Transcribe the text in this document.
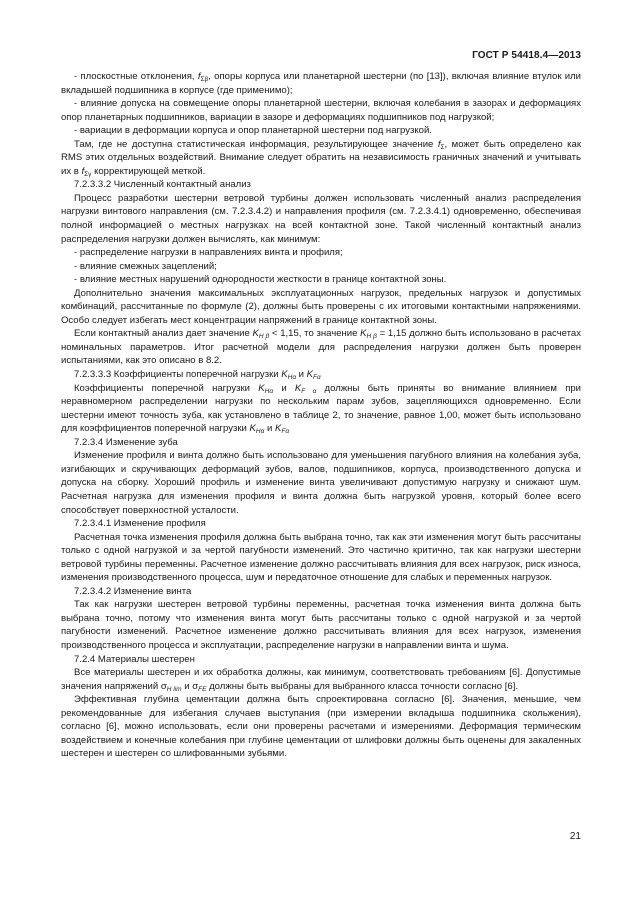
ГОСТ Р 54418.4—2013

- плоскостные отклонения, $f_{\Sigma\beta}$, опоры корпуса или планетарной шестерни (по [13]), включая влияние втулок или вкладышей подшипника в корпусе (где применимо);

- влияние допуска на совмещение опоры планетарной шестерни, включая колебания в зазорах и деформациях опор планетарных подшипников, вариации в зазоре и деформациях подшипников под нагрузкой;

- вариации в деформации корпуса и опор планетарной шестерни под нагрузкой.

Там, где не доступна статистическая информация, результирующее значение $f_\Sigma$, может быть определено как RMS этих отдельных воздействий. Внимание следует обратить на независимость граничных значений и учитывать их в $f_{\Sigma\gamma}$ корректирующей меткой.

7.2.3.3.2 Численный контактный анализ

Процесс разработки шестерни ветровой турбины должен использовать численный анализ распределения нагрузки винтового направления (см. 7.2.3.4.2) и направления профиля (см. 7.2.3.4.1) одновременно, обеспечивая полной информацией о местных нагрузках на всей контактной зоне. Такой численный контактный анализ распределения нагрузки должен вычислять, как минимум:

- распределение нагрузки в направлениях винта и профиля;

- влияние смежных зацеплений;

- влияние местных нарушений однородности жесткости в границе контактной зоны.

Дополнительно значения максимальных эксплуатационных нагрузок, предельных нагрузок и допустимых комбинаций, рассчитанные по формуле (2), должны быть проверены с их итоговыми контактными напряжениями. Особо следует избегать мест концентрации напряжений в границе контактной зоны.

Если контактный анализ дает значение $K_{H \beta} < 1,15$, то значение $K_{H \beta} = 1,15$ должно быть использовано в расчетах номинальных параметров. Итог расчетной модели для распределения нагрузки должен быть проверен испытаниями, как это описано в 8.2.

7.2.3.3.3 Коэффициенты поперечной нагрузки $K_{H\alpha}$ и $K_{F\alpha}$

Коэффициенты поперечной нагрузки $K_{H\alpha}$ и $K_{F \alpha}$ должны быть приняты во внимание влиянием при неравномерном распределении нагрузки по нескольким парам зубов, зацепляющихся одновременно. Если шестерни имеют точность зуба, как установлено в таблице 2, то значение, равное 1,00, может быть использовано для коэффициентов поперечной нагрузки $K_{H\alpha}$ и $K_{F\alpha}$

7.2.3.4 Изменение зуба

Изменение профиля и винта должно быть использовано для уменьшения пагубного влияния на колебания зуба, изгибающих и скручивающих деформаций зубов, валов, подшипников, корпуса, производственного допуска и допуска на сборку. Хороший профиль и изменение винта увеличивают допустимую нагрузку и снижают шум. Расчетная нагрузка для изменения профиля и винта должна быть нагрузкой уровня, который более всего способствует поверхностной усталости.

7.2.3.4.1 Изменение профиля

Расчетная точка изменения профиля должна быть выбрана точно, так как эти изменения могут быть рассчитаны только с одной нагрузкой и за чертой пагубности изменений. Это частично критично, так как нагрузки шестерни ветровой турбины переменны. Расчетное изменение должно рассчитывать влияния для всех нагрузок, риск износа, изменения производственного процесса, шум и передаточное отношение для слабых и переменных нагрузок.

7.2.3.4.2 Изменение винта

Так как нагрузки шестерен ветровой турбины переменны, расчетная точка изменения винта должна быть выбрана точно, потому что изменения винта могут быть рассчитаны только с одной нагрузкой и за чертой пагубности изменений. Расчетное изменение должно рассчитывать влияния для всех нагрузок, изменения производственного процесса и эксплуатации, распределение нагрузки в направлении винта и шума.

7.2.4 Материалы шестерен

Все материалы шестерен и их обработка должны, как минимум, соответствовать требованиям [6]. Допустимые значения напряжений $\sigma_{H lim}$ и $\sigma_{FE}$ должны быть выбраны для выбранного класса точности согласно [6].

Эффективная глубина цементации должна быть спроектирована согласно [6]. Значения, меньшие, чем рекомендованные для избегания случаев выступания (при измерении вкладыша подшипника скольжения), согласно [6], можно использовать, если они проверены расчетами и измерениями. Деформация термическим воздействием и конечные колебания при глубине цементации от шлифовки должны быть оценены для закаленных шестерен и шестерен со шлифованными зубьями.

21
